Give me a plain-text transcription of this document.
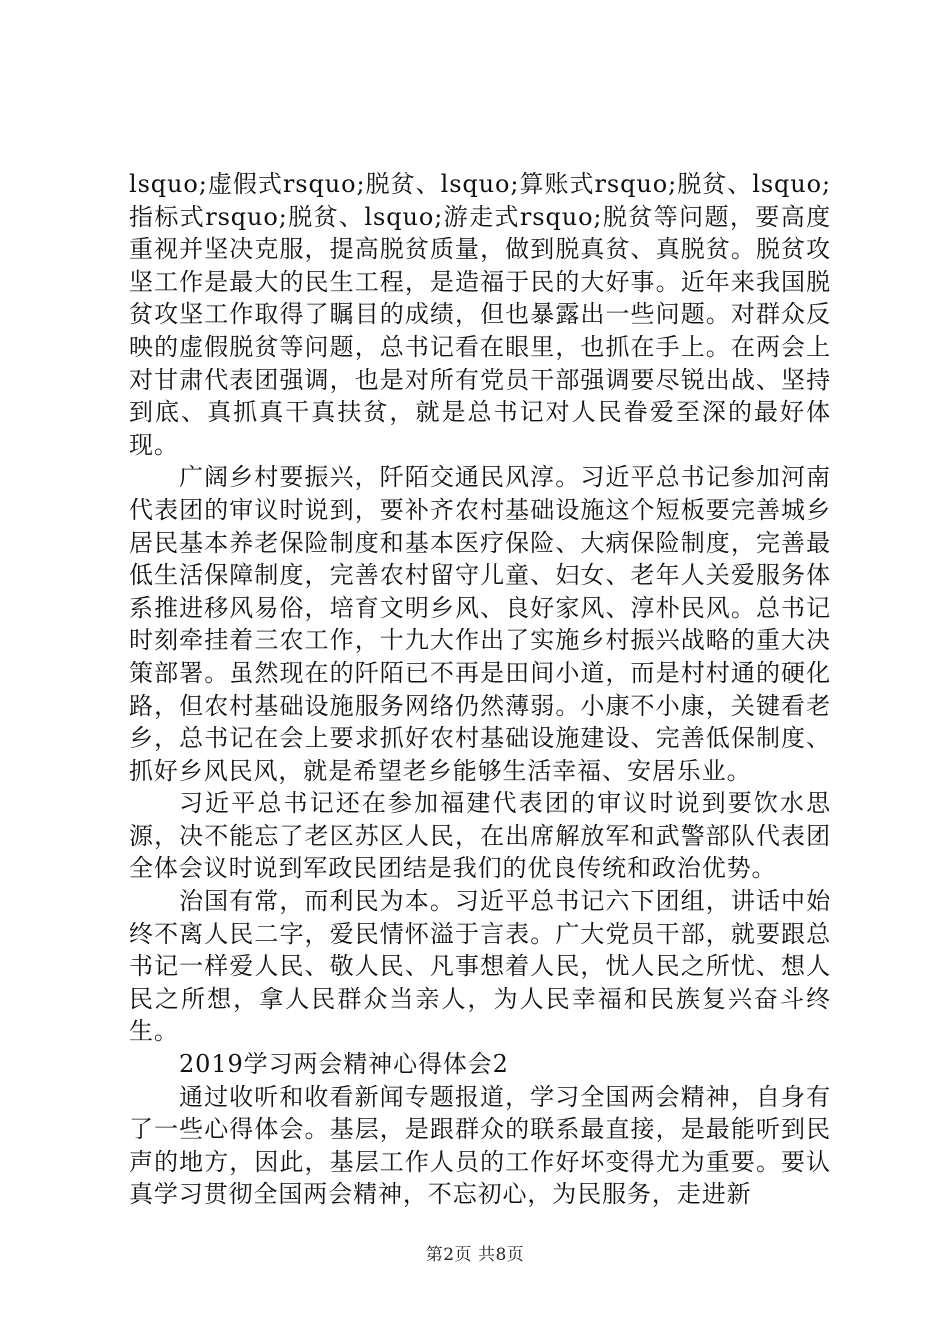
lsquo;虚假式rsquo;脱贫、lsquo;算账式rsquo;脱贫、lsquo;指标式rsquo;脱贫、lsquo;游走式rsquo;脱贫等问题，要高度重视并坚决克服，提高脱贫质量，做到脱真贫、真脱贫。脱贫攻坚工作是最大的民生工程，是造福于民的大好事。近年来我国脱贫攻坚工作取得了瞩目的成绩，但也暴露出一些问题。对群众反映的虚假脱贫等问题，总书记看在眼里，也抓在手上。在两会上对甘肃代表团强调，也是对所有党员干部强调要尽锐出战、坚持到底、真抓真干真扶贫，就是总书记对人民眷爱至深的最好体现。

广阔乡村要振兴，阡陌交通民风淳。习近平总书记参加河南代表团的审议时说到，要补齐农村基础设施这个短板要完善城乡居民基本养老保险制度和基本医疗保险、大病保险制度，完善最低生活保障制度，完善农村留守儿童、妇女、老年人关爱服务体系推进移风易俗，培育文明乡风、良好家风、淳朴民风。总书记时刻牵挂着三农工作，十九大作出了实施乡村振兴战略的重大决策部署。虽然现在的阡陌已不再是田间小道，而是村村通的硬化路，但农村基础设施服务网络仍然薄弱。小康不小康，关键看老乡，总书记在会上要求抓好农村基础设施建设、完善低保制度、抓好乡风民风，就是希望老乡能够生活幸福、安居乐业。

习近平总书记还在参加福建代表团的审议时说到要饮水思源，决不能忘了老区苏区人民，在出席解放军和武警部队代表团全体会议时说到军政民团结是我们的优良传统和政治优势。

治国有常，而利民为本。习近平总书记六下团组，讲话中始终不离人民二字，爱民情怀溢于言表。广大党员干部，就要跟总书记一样爱人民、敬人民、凡事想着人民，忧人民之所忧、想人民之所想，拿人民群众当亲人，为人民幸福和民族复兴奋斗终生。

2019学习两会精神心得体会2

通过收听和收看新闻专题报道，学习全国两会精神，自身有了一些心得体会。基层，是跟群众的联系最直接，是最能听到民声的地方，因此，基层工作人员的工作好坏变得尤为重要。要认真学习贯彻全国两会精神，不忘初心，为民服务，走进新

第2页 共8页
